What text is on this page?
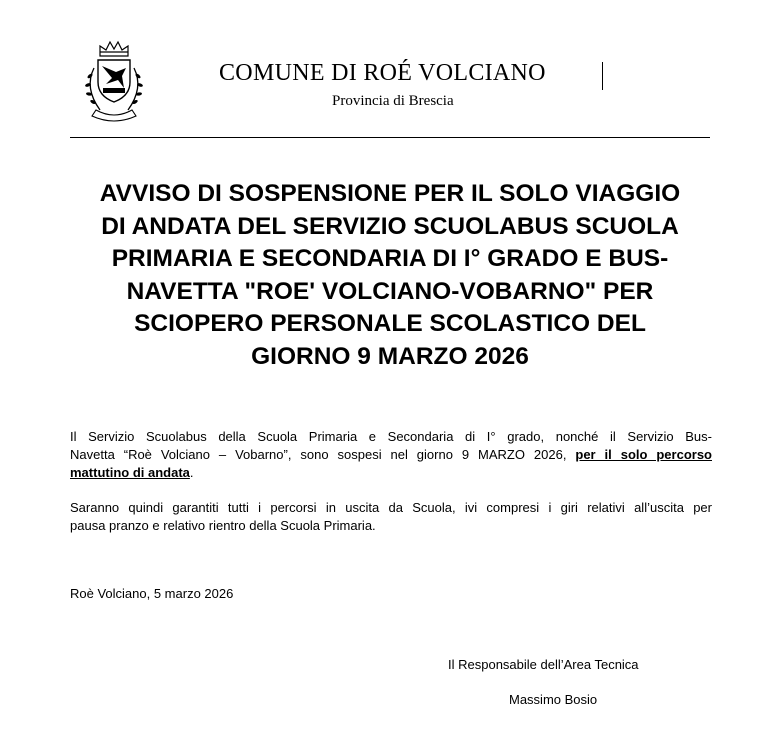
COMUNE DI ROÉ VOLCIANO
Provincia di Brescia
AVVISO DI SOSPENSIONE PER IL SOLO VIAGGIO
DI ANDATA DEL SERVIZIO SCUOLABUS SCUOLA
PRIMARIA E SECONDARIA DI I° GRADO E BUS-
NAVETTA "ROE' VOLCIANO-VOBARNO" PER
SCIOPERO PERSONALE SCOLASTICO DEL
GIORNO 9 MARZO 2026
Il Servizio Scuolabus della Scuola Primaria e Secondaria di I° grado, nonché il Servizio Bus-
Navetta “Roè Volciano – Vobarno”, sono sospesi nel giorno 9 MARZO 2026, per il solo percorso
mattutino di andata.
Saranno quindi garantiti tutti i percorsi in uscita da Scuola, ivi compresi i giri relativi all’uscita per
pausa pranzo e relativo rientro della Scuola Primaria.
Roè Volciano, 5 marzo 2026
Il Responsabile dell’Area Tecnica
Massimo Bosio
